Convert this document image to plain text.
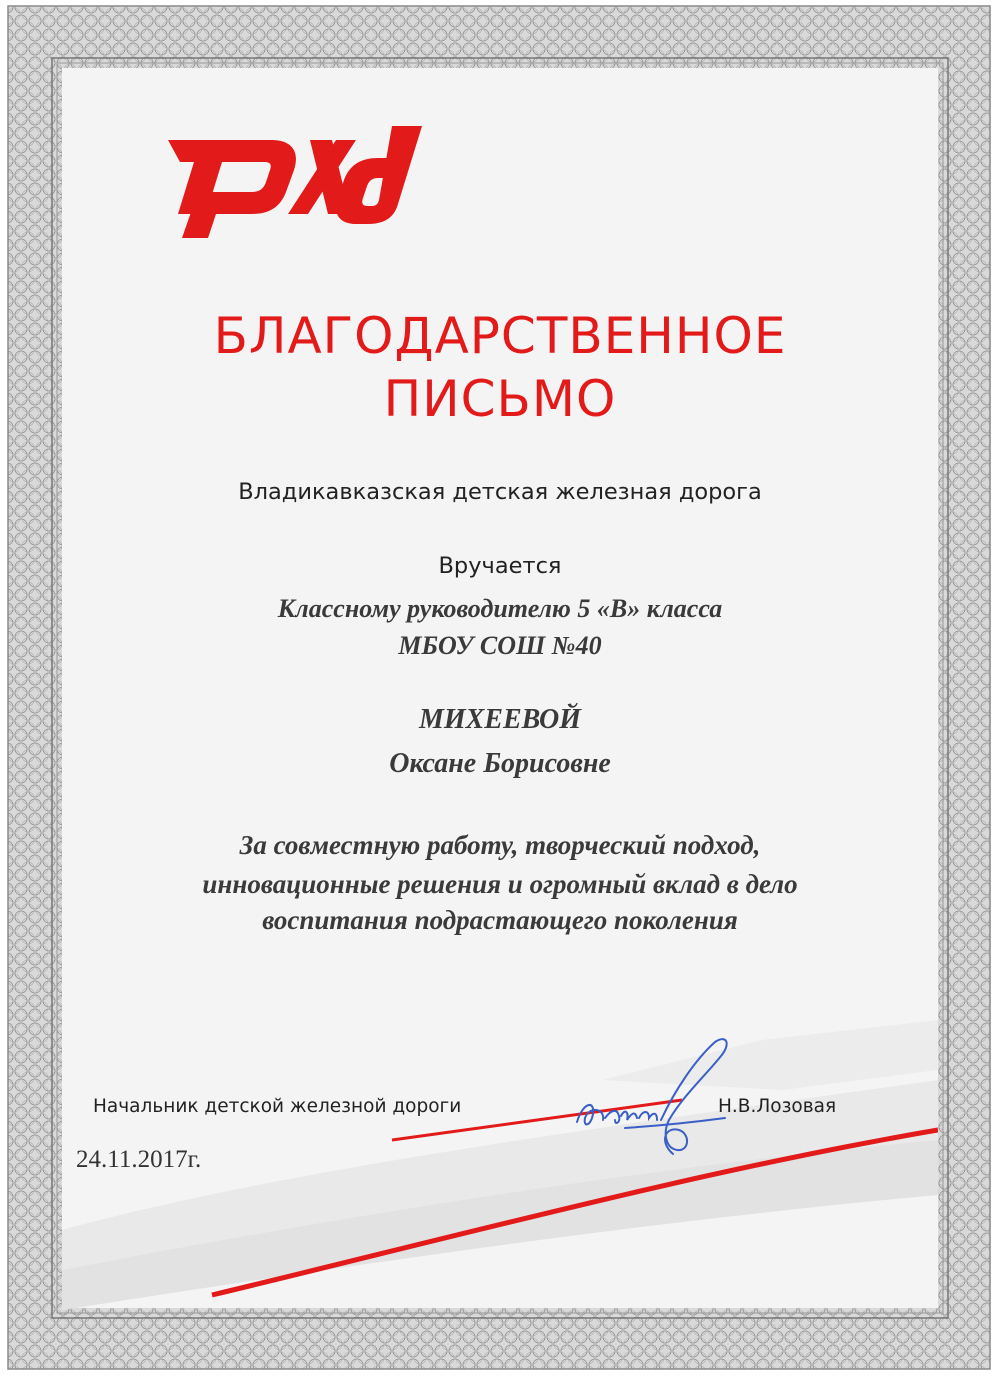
БЛАГОДАРСТВЕННОЕ
ПИСЬМО
Владикавказская детская железная дорога
Вручается
Классному руководителю 5 «В» класса
МБОУ СОШ №40
МИХЕЕВОЙ
Оксане Борисовне
За совместную работу, творческий подход,
инновационные решения и огромный вклад в дело
воспитания подрастающего поколения
Начальник детской железной дороги	Н.В.Лозовая
24.11.2017г.
